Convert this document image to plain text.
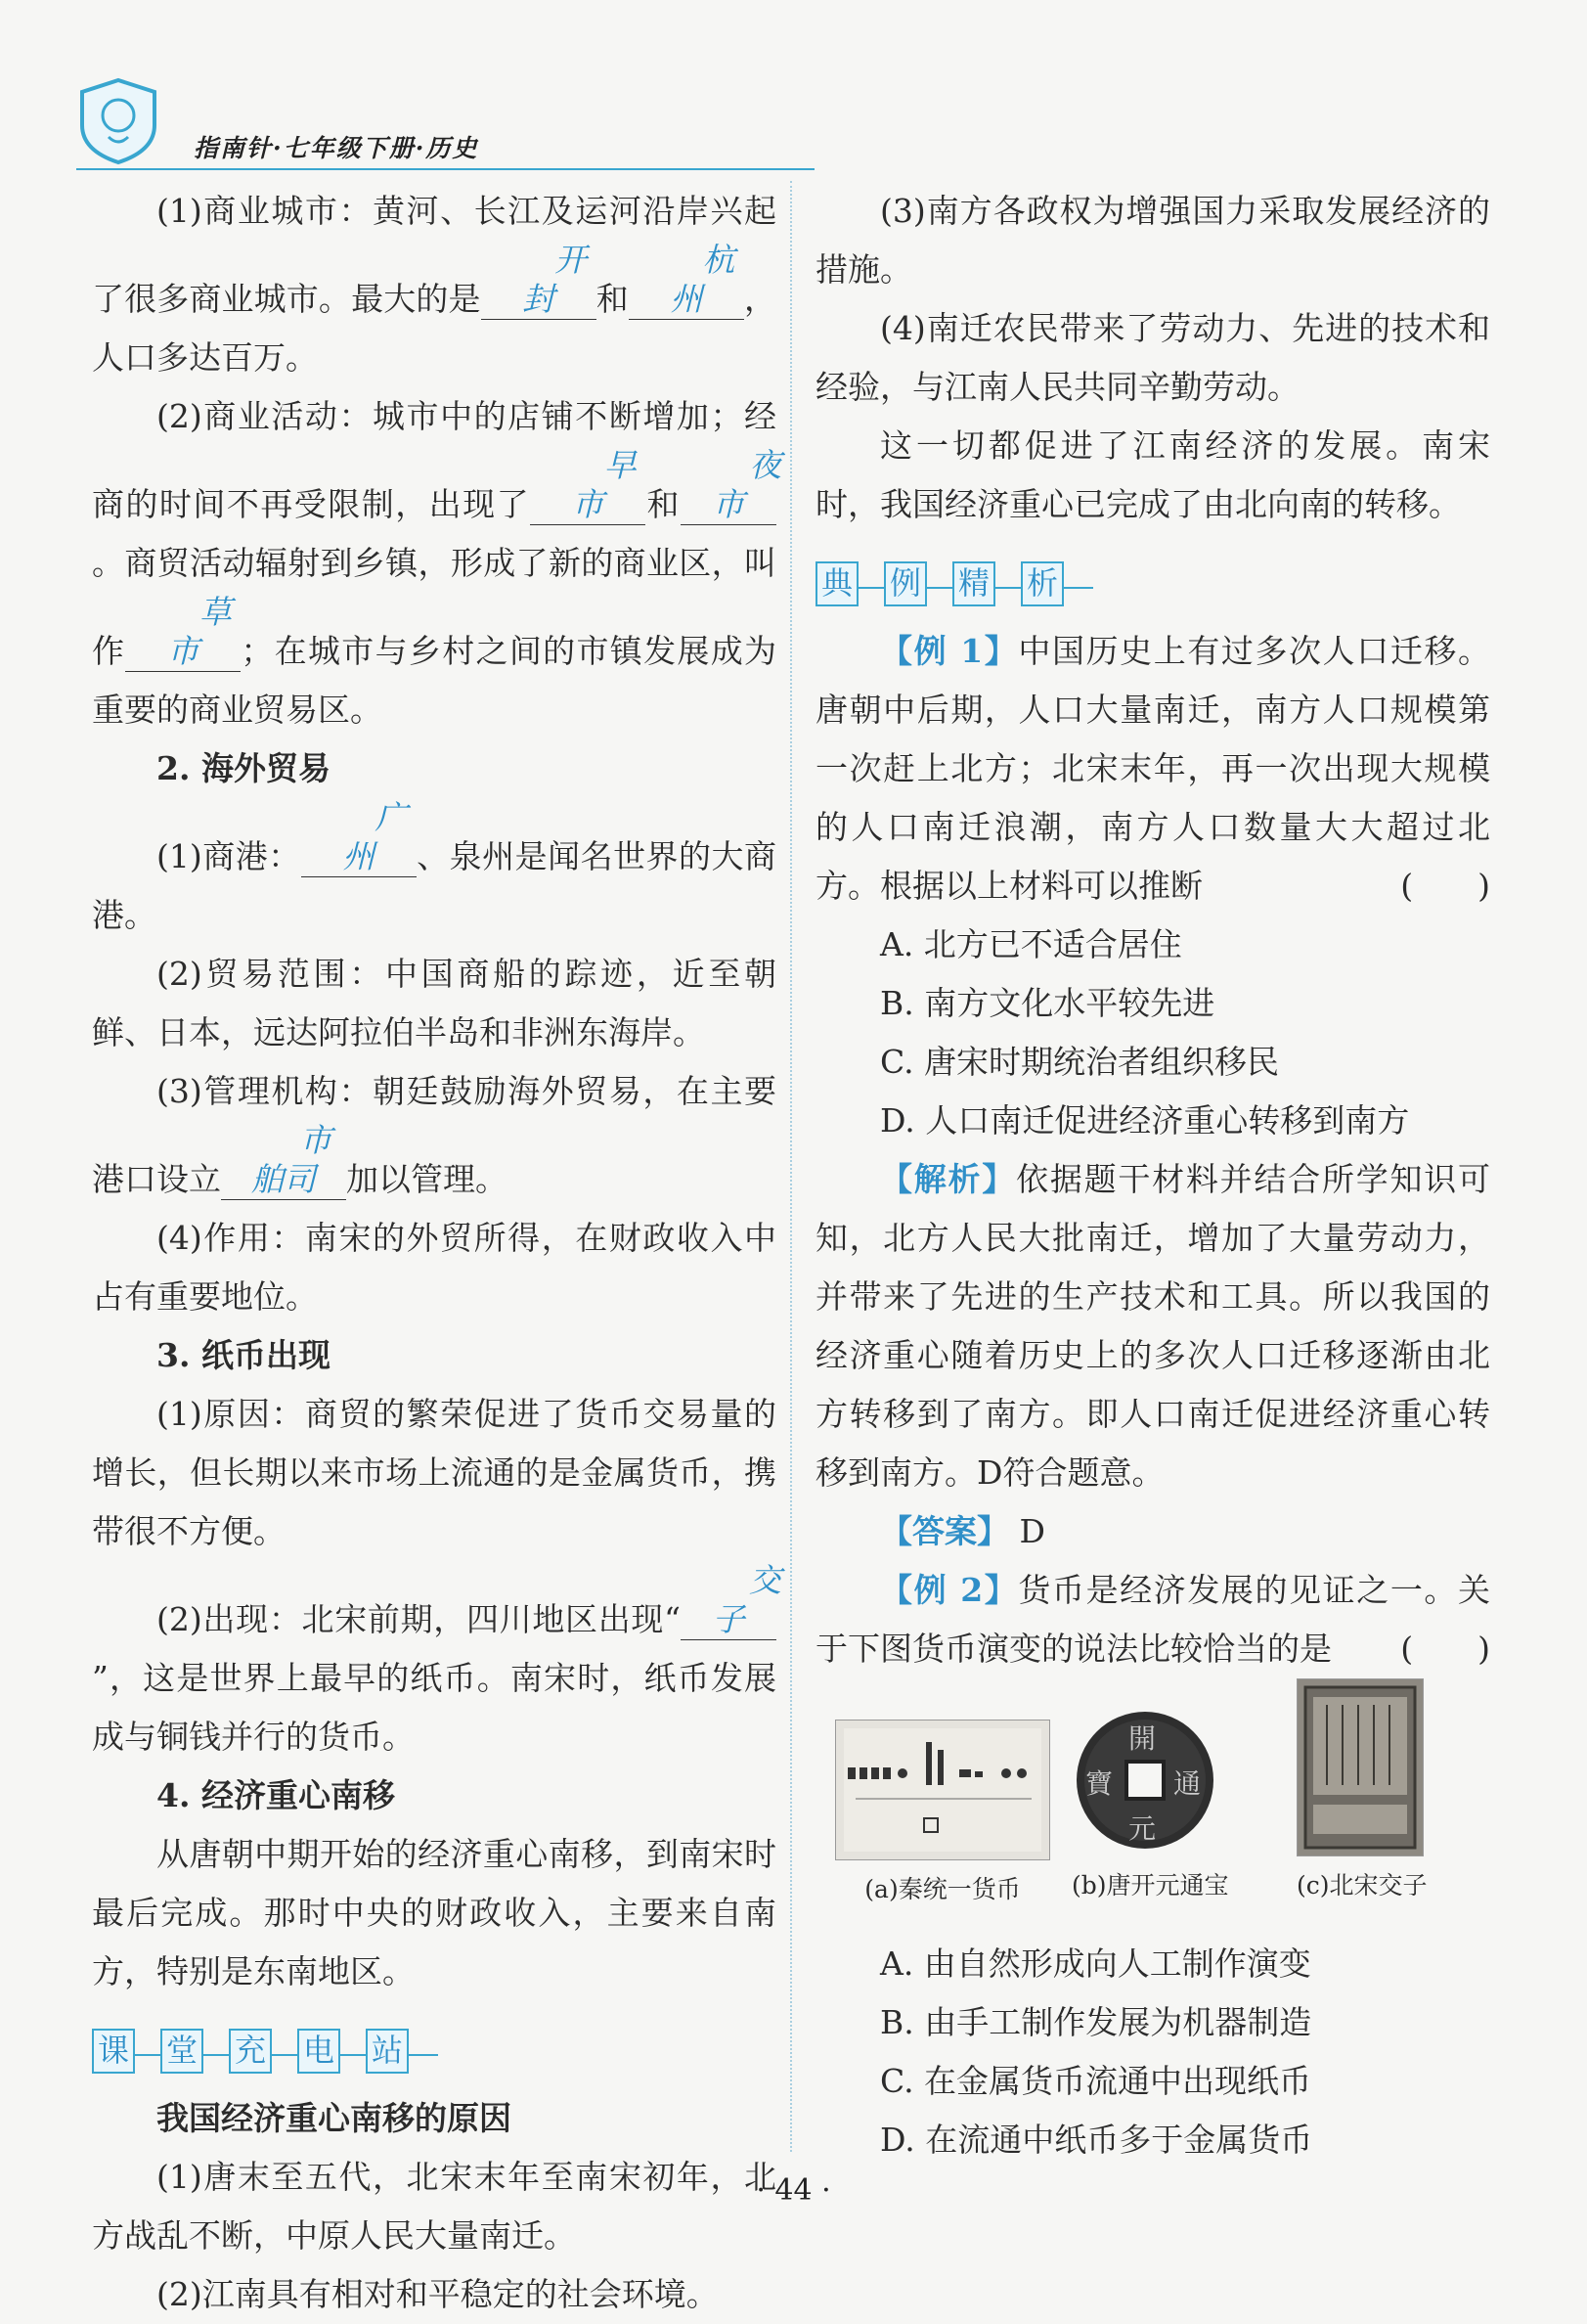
指南针·七年级下册·历史

(1)商业城市：黄河、长江及运河沿岸兴起了很多商业城市。最大的是开封 和杭州 ，人口多达百万。

(2)商业活动：城市中的店铺不断增加；经商的时间不再受限制，出现了早市 和夜市。商贸活动辐射到乡镇，形成了新的商业区，叫作草市 ；在城市与乡村之间的市镇发展成为重要的商业贸易区。

2. 海外贸易

(1)商港：广州 、泉州是闻名世界的大商港。

(2)贸易范围：中国商船的踪迹，近至朝鲜、日本，远达阿拉伯半岛和非洲东海岸。

(3)管理机构：朝廷鼓励海外贸易，在主要港口设立市舶司 加以管理。

(4)作用：南宋的外贸所得，在财政收入中占有重要地位。

3. 纸币出现

(1)原因：商贸的繁荣促进了货币交易量的增长，但长期以来市场上流通的是金属货币，携带很不方便。

(2)出现：北宋前期，四川地区出现“交子”，这是世界上最早的纸币。南宋时，纸币发展成与铜钱并行的货币。

4. 经济重心南移

从唐朝中期开始的经济重心南移，到南宋时最后完成。那时中央的财政收入，主要来自南方，特别是东南地区。

课 堂 充 电 站

我国经济重心南移的原因

(1)唐末至五代，北宋末年至南宋初年，北方战乱不断，中原人民大量南迁。

(2)江南具有相对和平稳定的社会环境。

(3)南方各政权为增强国力采取发展经济的措施。

(4)南迁农民带来了劳动力、先进的技术和经验，与江南人民共同辛勤劳动。

这一切都促进了江南经济的发展。南宋时，我国经济重心已完成了由北向南的转移。

典 例 精 析

【例 1】中国历史上有过多次人口迁移。唐朝中后期，人口大量南迁，南方人口规模第一次赶上北方；北宋末年，再一次出现大规模的人口南迁浪潮，南方人口数量大大超过北方。根据以上材料可以推断	(　　)

A. 北方已不适合居住

B. 南方文化水平较先进

C. 唐宋时期统治者组织移民

D. 人口南迁促进经济重心转移到南方

【解析】依据题干材料并结合所学知识可知，北方人民大批南迁，增加了大量劳动力，并带来了先进的生产技术和工具。所以我国的经济重心随着历史上的多次人口迁移逐渐由北方转移到了南方。即人口南迁促进经济重心转移到南方。D符合题意。

【答案】 D

【例 2】货币是经济发展的见证之一。关于下图货币演变的说法比较恰当的是	(　　)

(a)秦统一货币
開
元
通
寶
(b)唐开元通宝	(c)北宋交子

A. 由自然形成向人工制作演变

B. 由手工制作发展为机器制造

C. 在金属货币流通中出现纸币

D. 在流通中纸币多于金属货币

· 44 ·
